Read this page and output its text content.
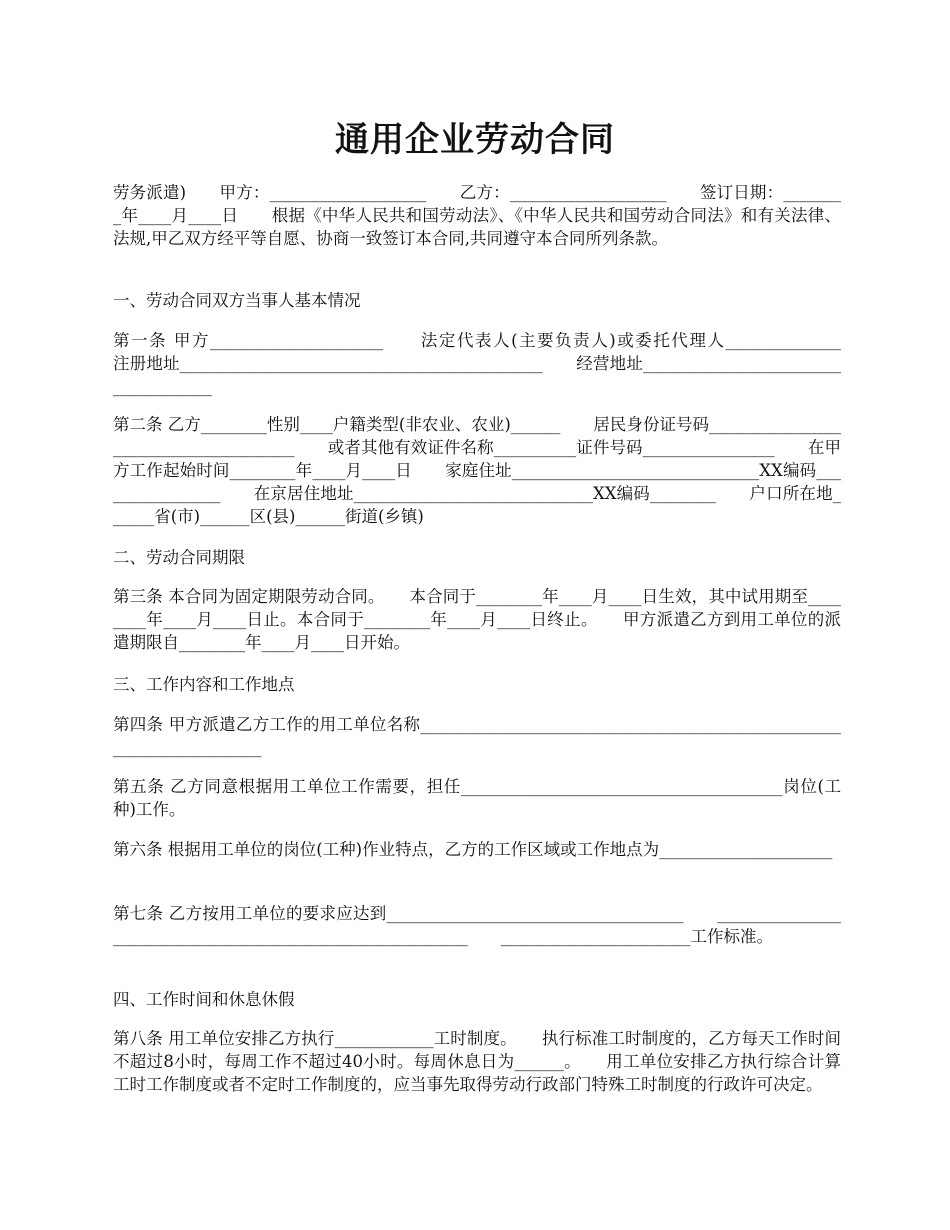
通用企业劳动合同
劳务派遣)　　甲方：___________________　　乙方：___________________　　签订日期：________年____月____日　　根据《中华人民共和国劳动法》、《中华人民共和国劳动合同法》和有关法律、法规,甲乙双方经平等自愿、协商一致签订本合同,共同遵守本合同所列条款。
一、劳动合同双方当事人基本情况
第一条 甲方_____________________　　法定代表人(主要负责人)或委托代理人______________　　注册地址____________________________________________　　经营地址____________________________________
第二条 乙方________性别____户籍类型(非农业、农业)______　　居民身份证号码______________________________________　　或者其他有效证件名称__________证件号码________________　　在甲方工作起始时间________年____月____日　　家庭住址______________________________XX编码________________　　在京居住地址_____________________________XX编码________　　户口所在地______省(市)______区(县)______街道(乡镇)
二、劳动合同期限
第三条 本合同为固定期限劳动合同。　　本合同于________年____月____日生效，其中试用期至________年____月____日止。本合同于________年____月____日终止。　　甲方派遣乙方到用工单位的派遣期限自________年____月____日开始。
三、工作内容和工作地点
第四条 甲方派遣乙方工作的用工单位名称_____________________________________________________________________
第五条 乙方同意根据用工单位工作需要，担任_______________________________________岗位(工种)工作。
第六条 根据用工单位的岗位(工种)作业特点，乙方的工作区域或工作地点为_____________________
第七条 乙方按用工单位的要求应达到____________________________________　　__________________________________________________________　　_______________________工作标准。
四、工作时间和休息休假
第八条 用工单位安排乙方执行____________工时制度。　　执行标准工时制度的，乙方每天工作时间不超过8小时，每周工作不超过40小时。每周休息日为______。　　用工单位安排乙方执行综合计算工时工作制度或者不定时工作制度的，应当事先取得劳动行政部门特殊工时制度的行政许可决定。
